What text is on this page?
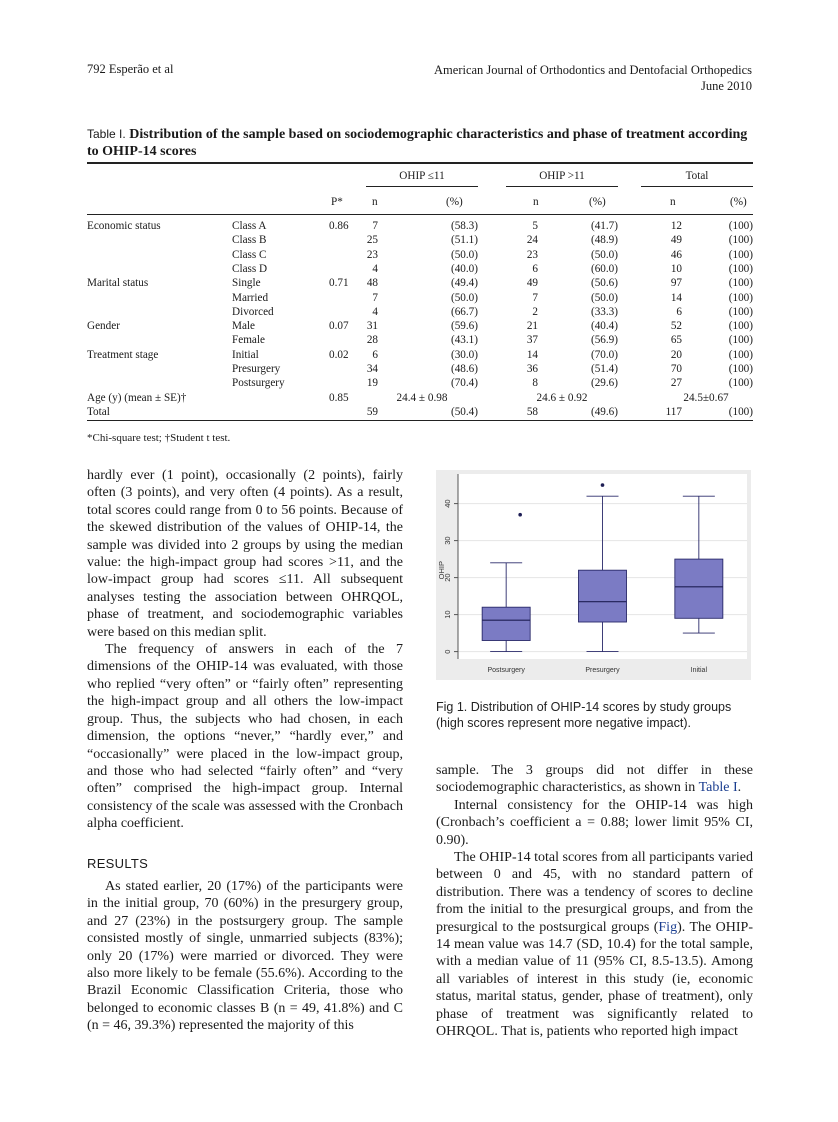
792 Esperão et al	American Journal of Orthodontics and Dentofacial Orthopedics
June 2010
Table I. Distribution of the sample based on sociodemographic characteristics and phase of treatment according to OHIP-14 scores
OHIP ≤11	OHIP >11	Total
P*	n	(%)	n	(%)	n	(%)
Economic status	Class A	0.86	7	(58.3)	5	(41.7)	12	(100)
Class B	25	(51.1)	24	(48.9)	49	(100)
Class C	23	(50.0)	23	(50.0)	46	(100)
Class D	4	(40.0)	6	(60.0)	10	(100)
Marital status	Single	0.71	48	(49.4)	49	(50.6)	97	(100)
Married	7	(50.0)	7	(50.0)	14	(100)
Divorced	4	(66.7)	2	(33.3)	6	(100)
Gender	Male	0.07	31	(59.6)	21	(40.4)	52	(100)
Female	28	(43.1)	37	(56.9)	65	(100)
Treatment stage	Initial	0.02	6	(30.0)	14	(70.0)	20	(100)
Presurgery	34	(48.6)	36	(51.4)	70	(100)
Postsurgery	19	(70.4)	8	(29.6)	27	(100)
Age (y) (mean ± SE)†	0.85	24.4 ± 0.98	24.6 ± 0.92	24.5±0.67
Total	59	(50.4)	58	(49.6)	117	(100)
*Chi-square test; †Student t test.

hardly ever (1 point), occasionally (2 points), fairly often (3 points), and very often (4 points). As a result, total scores could range from 0 to 56 points. Because of the skewed distribution of the values of OHIP-14, the sample was divided into 2 groups by using the median value: the high-impact group had scores >11, and the low-impact group had scores ≤11. All subsequent analyses testing the association between OHRQOL, phase of treatment, and sociodemographic variables were based on this median split.

The frequency of answers in each of the 7 dimensions of the OHIP-14 was evaluated, with those who replied “very often” or “fairly often” representing the high-impact group and all others the low-impact group. Thus, the subjects who had chosen, in each dimension, the options “never,” “hardly ever,” and “occasionally” were placed in the low-impact group, and those who had selected “fairly often” and “very often” comprised the high-impact group. Internal consistency of the scale was assessed with the Cronbach alpha coefficient.

RESULTS

As stated earlier, 20 (17%) of the participants were in the initial group, 70 (60%) in the presurgery group, and 27 (23%) in the postsurgery group. The sample consisted mostly of single, unmarried subjects (83%); only 20 (17%) were married or divorced. They were also more likely to be female (55.6%). According to the Brazil Economic Classification Criteria, those who belonged to economic classes B (n = 49, 41.8%) and C (n = 46, 39.3%) represented the majority of this

0
10
20
30
40
OHIP
Postsurgery	Presurgery	Initial
Fig 1. Distribution of OHIP-14 scores by study groups (high scores represent more negative impact).

sample. The 3 groups did not differ in these sociodemographic characteristics, as shown in Table I.

Internal consistency for the OHIP-14 was high (Cronbach’s coefficient a = 0.88; lower limit 95% CI, 0.90).

The OHIP-14 total scores from all participants varied between 0 and 45, with no standard pattern of distribution. There was a tendency of scores to decline from the initial to the presurgical groups, and from the presurgical to the postsurgical groups (Fig). The OHIP-14 mean value was 14.7 (SD, 10.4) for the total sample, with a median value of 11 (95% CI, 8.5-13.5). Among all variables of interest in this study (ie, economic status, marital status, gender, phase of treatment), only phase of treatment was significantly related to OHRQOL. That is, patients who reported high impact
